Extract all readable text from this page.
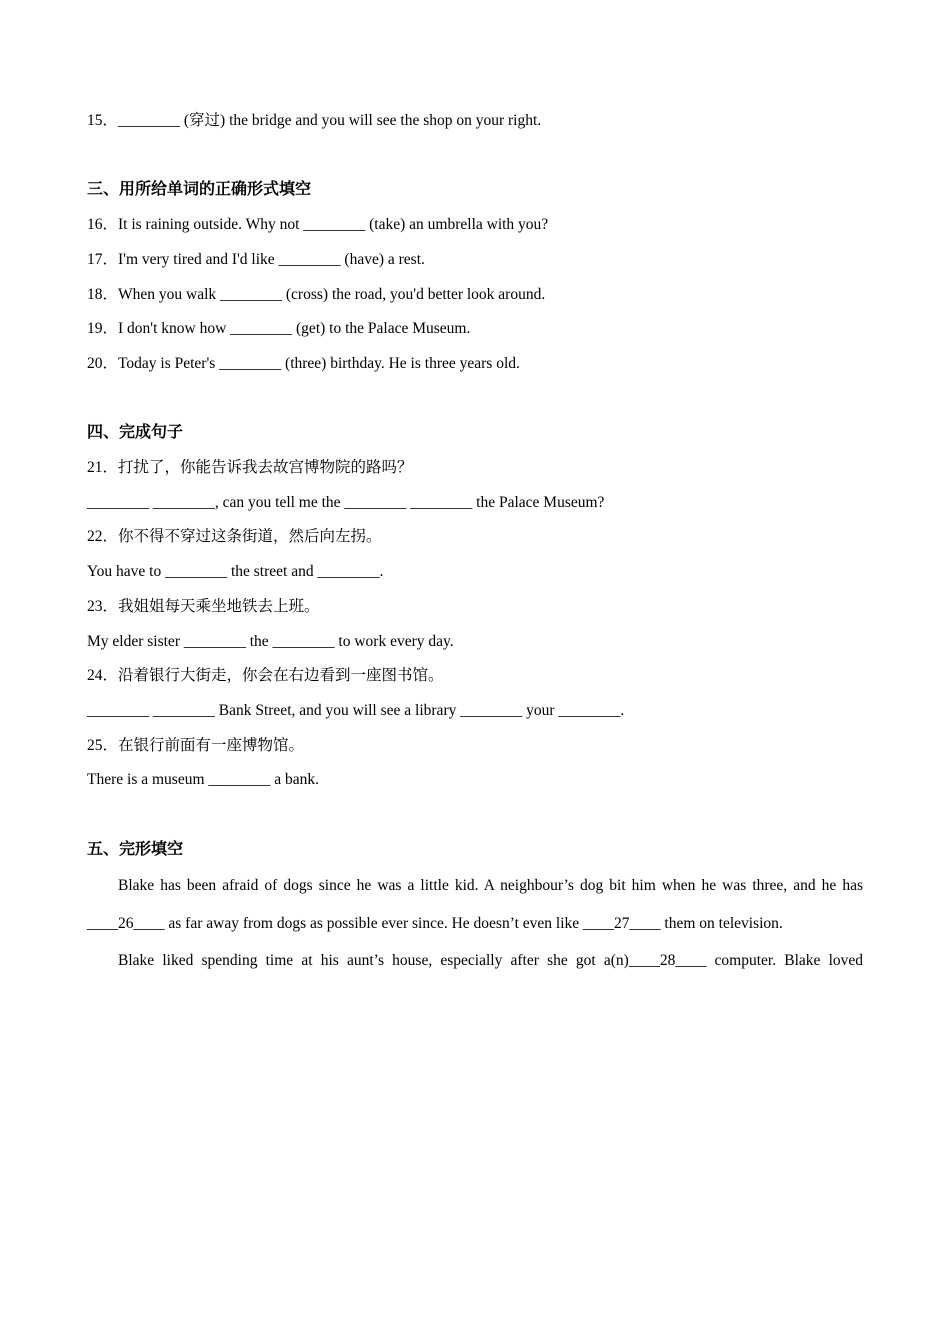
15．________ (穿过) the bridge and you will see the shop on your right.

三、用所给单词的正确形式填空

16．It is raining outside. Why not ________ (take) an umbrella with you?

17．I'm very tired and I'd like ________ (have) a rest.

18．When you walk ________ (cross) the road, you'd better look around.

19．I don't know how ________ (get) to the Palace Museum.

20．Today is Peter's ________ (three) birthday. He is three years old.

四、完成句子

21．打扰了，你能告诉我去故宫博物院的路吗？

________ ________, can you tell me the ________ ________ the Palace Museum?

22．你不得不穿过这条街道，然后向左拐。

You have to ________ the street and ________.

23．我姐姐每天乘坐地铁去上班。

My elder sister ________ the ________ to work every day.

24．沿着银行大街走，你会在右边看到一座图书馆。

________ ________ Bank Street, and you will see a library ________ your ________.

25．在银行前面有一座博物馆。

There is a museum ________ a bank.

五、完形填空

Blake has been afraid of dogs since he was a little kid. A neighbour’s dog bit him when he was three, and he has ____26____ as far away from dogs as possible ever since. He doesn’t even like ____27____ them on television.

Blake liked spending time at his aunt’s house, especially after she got a(n)____28____ computer. Blake loved
